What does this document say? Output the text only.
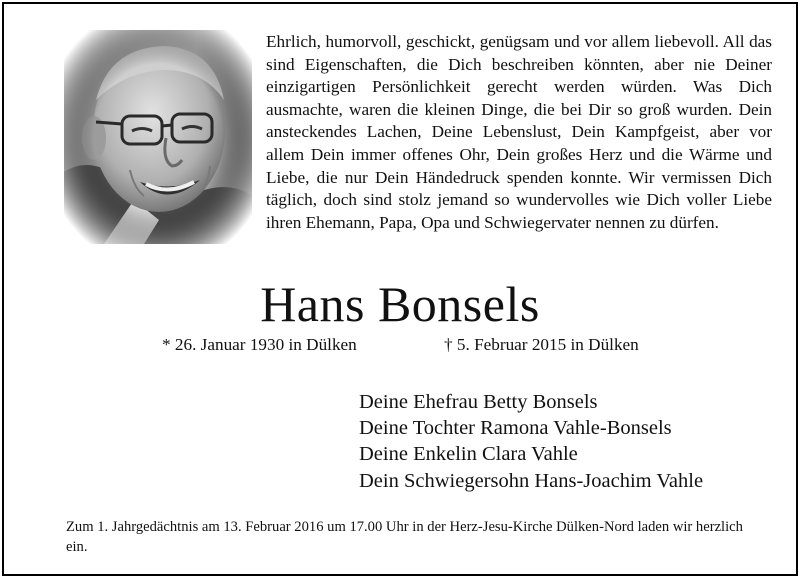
Ehrlich, humorvoll, geschickt, genügsam und vor allem liebevoll. All das sind Eigenschaften, die Dich beschreiben könnten, aber nie Deiner einzigartigen Persönlichkeit gerecht werden würden. Was Dich ausmachte, waren die kleinen Dinge, die bei Dir so groß wurden. Dein ansteckendes Lachen, Deine Lebenslust, Dein Kampfgeist, aber vor allem Dein immer offenes Ohr, Dein großes Herz und die Wärme und Liebe, die nur Dein Händedruck spenden konnte. Wir vermissen Dich täglich, doch sind stolz jemand so wundervolles wie Dich voller Liebe ihren Ehemann, Papa, Opa und Schwiegervater nennen zu dürfen.
Hans Bonsels
* 26. Januar 1930 in Dülken	† 5. Februar 2015 in Dülken
Deine Ehefrau Betty Bonsels
Deine Tochter Ramona Vahle-Bonsels
Deine Enkelin Clara Vahle
Dein Schwiegersohn Hans-Joachim Vahle
Zum 1. Jahrgedächtnis am 13. Februar 2016 um 17.00 Uhr in der Herz-Jesu-Kirche Dülken-Nord laden wir herzlich ein.
